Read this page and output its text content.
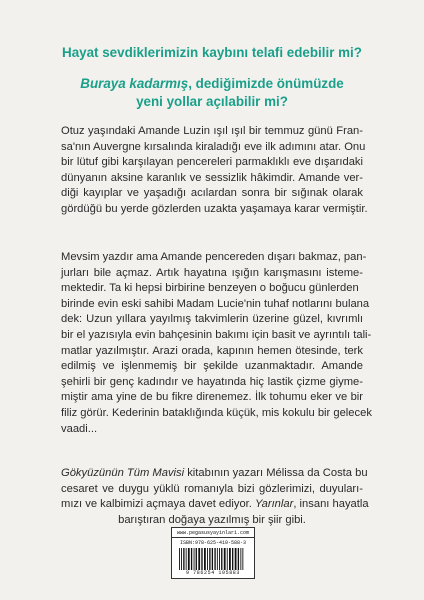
Hayat sevdiklerimizin kaybını telafi edebilir mi?
Buraya kadarmış, dediğimizde önümüzde
yeni yollar açılabilir mi?
Otuz yaşındaki Amande Luzin ışıl ışıl bir temmuz günü Fran-
sa'nın Auvergne kırsalında kiraladığı eve ilk adımını atar. Onu
bir lütuf gibi karşılayan pencereleri parmaklıklı eve dışarıdaki
dünyanın aksine karanlık ve sessizlik hâkimdir. Amande ver-
diği kayıplar ve yaşadığı acılardan sonra bir sığınak olarak
gördüğü bu yerde gözlerden uzakta yaşamaya karar vermiştir.
Mevsim yazdır ama Amande pencereden dışarı bakmaz, pan-
jurları bile açmaz. Artık hayatına ışığın karışmasını isteme-
mektedir. Ta ki hepsi birbirine benzeyen o boğucu günlerden
birinde evin eski sahibi Madam Lucie'nin tuhaf notlarını bulana
dek: Uzun yıllara yayılmış takvimlerin üzerine güzel, kıvrımlı
bir el yazısıyla evin bahçesinin bakımı için basit ve ayrıntılı tali-
matlar yazılmıştır. Arazi orada, kapının hemen ötesinde, terk
edilmiş ve işlenmemiş bir şekilde uzanmaktadır. Amande
şehirli bir genç kadındır ve hayatında hiç lastik çizme giyme-
miştir ama yine de bu fikre direnemez. İlk tohumu eker ve bir
filiz görür. Kederinin bataklığında küçük, mis kokulu bir gelecek
vaadi...
Gökyüzünün Tüm Mavisi kitabının yazarı Mélissa da Costa bu
cesaret ve duygu yüklü romanıyla bizi gözlerimizi, duyuları-
mızı ve kalbimizi açmaya davet ediyor. Yarınlar, insanı hayatla
barıştıran doğaya yazılmış bir şiir gibi.
www.pegasusyayinlari.com
ISBN:978-625-410-588-3
9 786254 105883
